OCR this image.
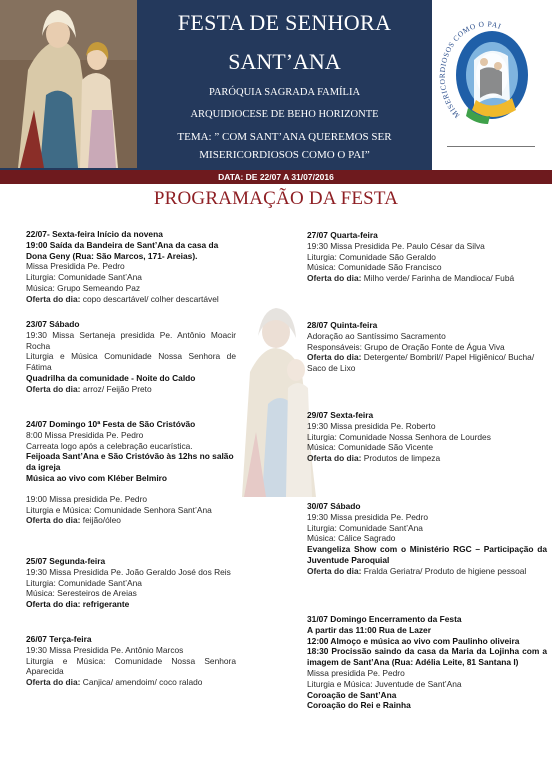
FESTA DE SENHORA
SANT’ANA
PARÓQUIA SAGRADA FAMÍLIA
ARQUIDIOCESE DE BEHO HORIZONTE
TEMA: ” COM SANT’ANA QUEREMOS SER
MISERICORDIOSOS COMO O PAI”
MISERICORDIOSOS COMO O PAI
DATA: DE 22/07 A 31/07/2016
PROGRAMAÇÃO DA FESTA
22/07- Sexta-feira Início da novena
19:00 Saída da Bandeira de Sant’Ana da casa da Dona Geny (Rua: São Marcos, 171- Areias).
Missa Presidida Pe. Pedro
Liturgia: Comunidade Sant’Ana
Música: Grupo Semeando Paz
Oferta do dia: copo descartável/ colher descartável
23/07 Sábado
19:30 Missa Sertaneja presidida Pe. Antônio Moacir Rocha
Liturgia e Música Comunidade Nossa Senhora de Fátima
Quadrilha da comunidade - Noite do Caldo
Oferta do dia: arroz/ Feijão Preto
24/07 Domingo 10ª Festa de São Cristóvão
8:00 Missa Presidida Pe. Pedro
Carreata logo após a celebração eucarística.
Feijoada Sant’Ana e São Cristóvão às 12hs no salão da igreja
Música ao vivo com Kléber Belmiro
19:00 Missa presidida Pe. Pedro
Liturgia e Música: Comunidade Senhora Sant’Ana
Oferta do dia: feijão/óleo
25/07 Segunda-feira
19:30 Missa Presidida Pe. João Geraldo José dos Reis
Liturgia: Comunidade Sant’Ana
Música: Seresteiros de Areias
Oferta do dia: refrigerante
26/07 Terça-feira
19:30 Missa Presidida Pe. Antônio Marcos
Liturgia e Música: Comunidade Nossa Senhora Aparecida
Oferta do dia: Canjica/ amendoim/ coco ralado
27/07 Quarta-feira
19:30 Missa Presidida Pe. Paulo César da Silva
Liturgia: Comunidade São Geraldo
Música: Comunidade São Francisco
Oferta do dia: Milho verde/ Farinha de Mandioca/ Fubá
28/07 Quinta-feira
Adoração ao Santíssimo Sacramento
Responsáveis: Grupo de Oração Fonte de Água Viva
Oferta do dia: Detergente/ Bombril// Papel Higiênico/ Bucha/ Saco de Lixo
29/07 Sexta-feira
19:30 Missa presidida Pe. Roberto
Liturgia: Comunidade Nossa Senhora de Lourdes
Música: Comunidade São Vicente
Oferta do dia: Produtos de limpeza
30/07 Sábado
19:30 Missa presidida Pe. Pedro
Liturgia: Comunidade Sant’Ana
Música: Cálice Sagrado
Evangeliza Show com o Ministério RGC – Participação da Juventude Paroquial
Oferta do dia: Fralda Geriatra/ Produto de higiene pessoal
31/07 Domingo Encerramento da Festa
A partir das 11:00 Rua de Lazer
12:00 Almoço e música ao vivo com Paulinho oliveira
18:30 Procissão saindo da casa da Maria da Lojinha com a imagem de Sant’Ana (Rua: Adélia Leite, 81 Santana I)
Missa presidida Pe. Pedro
Liturgia e Música: Juventude de Sant’Ana
Coroação de Sant’Ana
Coroação do Rei e Rainha
